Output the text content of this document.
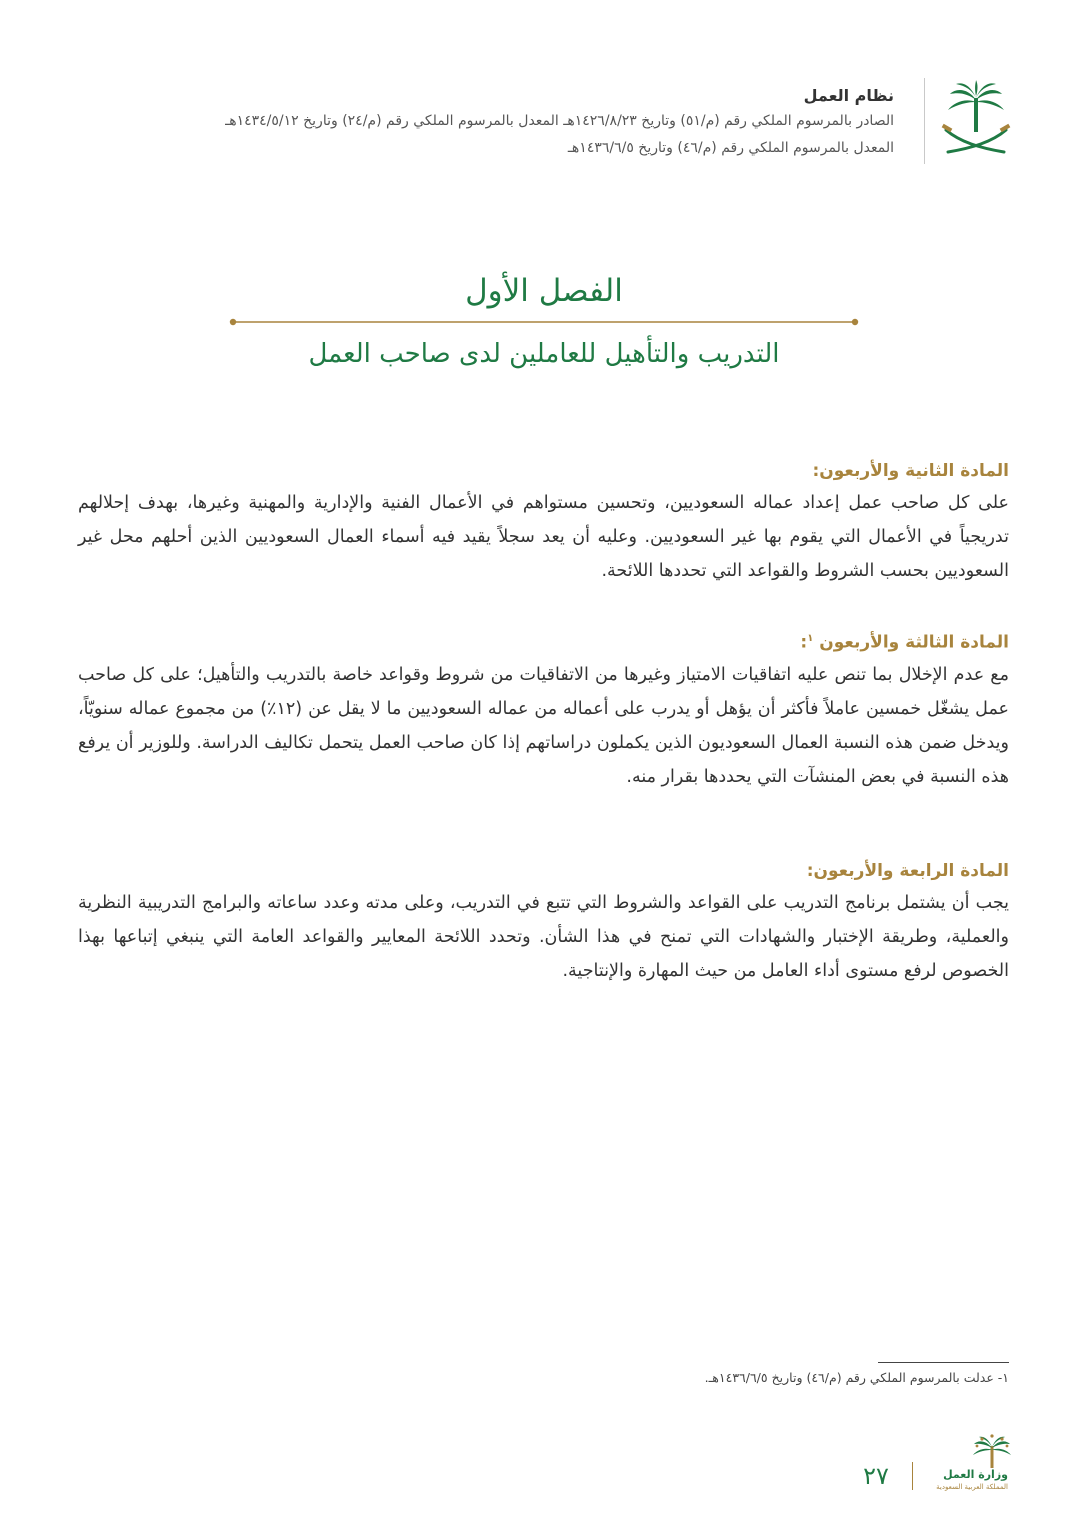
نظام العمل
الصادر بالمرسوم الملكي رقم (م/٥١) وتاريخ ١٤٢٦/٨/٢٣هـ المعدل بالمرسوم الملكي رقم (م/٢٤) وتاريخ ١٤٣٤/٥/١٢هـ
المعدل بالمرسوم الملكي رقم (م/٤٦) وتاريخ ١٤٣٦/٦/٥هـ
الفصل الأول
التدريب والتأهيل للعاملين لدى صاحب العمل
المادة الثانية والأربعون:
على كل صاحب عمل إعداد عماله السعوديين، وتحسين مستواهم في الأعمال الفنية والإدارية والمهنية وغيرها، بهدف إحلالهم تدريجياً في الأعمال التي يقوم بها غير السعوديين. وعليه أن يعد سجلاً يقيد فيه أسماء العمال السعوديين الذين أحلهم محل غير السعوديين بحسب الشروط والقواعد التي تحددها اللائحة.
المادة الثالثة والأربعون $^١$:
مع عدم الإخلال بما تنص عليه اتفاقيات الامتياز وغيرها من الاتفاقيات من شروط وقواعد خاصة بالتدريب والتأهيل؛ على كل صاحب عمل يشغّل خمسين عاملاً فأكثر أن يؤهل أو يدرب على أعماله من عماله السعوديين ما لا يقل عن (١٢٪) من مجموع عماله سنويّاً، ويدخل ضمن هذه النسبة العمال السعوديون الذين يكملون دراساتهم إذا كان صاحب العمل يتحمل تكاليف الدراسة. وللوزير أن يرفع هذه النسبة في بعض المنشآت التي يحددها بقرار منه.
المادة الرابعة والأربعون:
يجب أن يشتمل برنامج التدريب على القواعد والشروط التي تتبع في التدريب، وعلى مدته وعدد ساعاته والبرامج التدريبية النظرية والعملية، وطريقة الإختبار والشهادات التي تمنح في هذا الشأن. وتحدد اللائحة المعايير والقواعد العامة التي ينبغي إتباعها بهذا الخصوص لرفع مستوى أداء العامل من حيث المهارة والإنتاجية.
١- عدلت بالمرسوم الملكي رقم (م/٤٦) وتاريخ ١٤٣٦/٦/٥هـ.
وزارة العمل
المملكة العربية السعودية
٢٧
